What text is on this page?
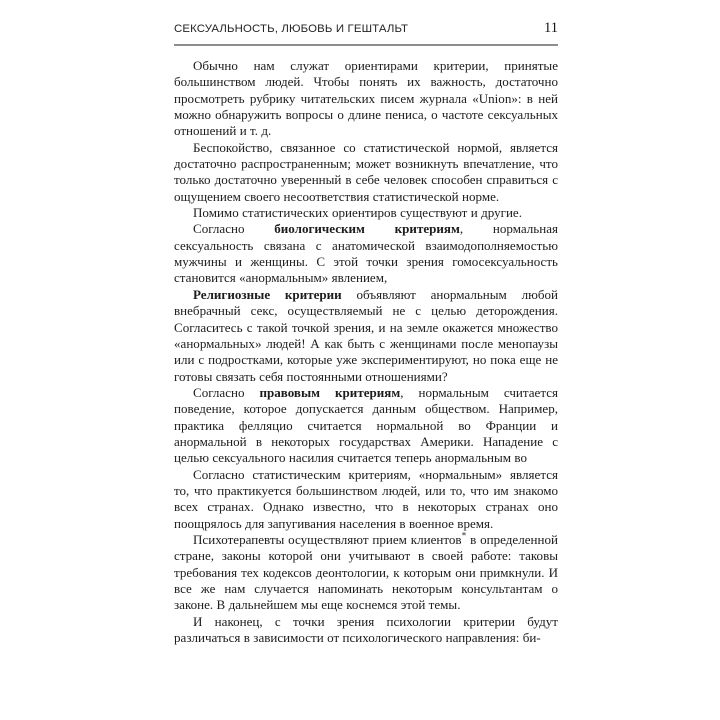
СЕКСУАЛЬНОСТЬ, ЛЮБОВЬ И ГЕШТАЛЬТ	11

Обычно нам служат ориентирами критерии, принятые большинством людей. Чтобы понять их важность, достаточно просмотреть рубрику читательских писем журнала «Union»: в ней можно обнаружить вопросы о длине пениса, о частоте сексуальных отношений и т. д.

Беспокойство, связанное со статистической нормой, является достаточно распространенным; может возникнуть впечатление, что только достаточно уверенный в себе человек способен справиться с ощущением своего несоответствия статистической норме.

Помимо статистических ориентиров существуют и другие.

Согласно биологическим критериям, нормальная сексуальность связана с анатомической взаимодополняемостью мужчины и женщины. С этой точки зрения гомосексуальность становится «анормальным» явлением,

Религиозные критерии объявляют анормальным любой внебрачный секс, осуществляемый не с целью деторождения. Согласитесь с такой точкой зрения, и на земле окажется множество «анормальных» людей! А как быть с женщинами после менопаузы или с подростками, которые уже экспериментируют, но пока еще не готовы связать себя постоянными отношениями?

Согласно правовым критериям, нормальным считается поведение, которое допускается данным обществом. Например, практика фелляцио считается нормальной во Франции и анормальной в некоторых государствах Америки. Нападение с целью сексуального насилия считается теперь анормальным во

Согласно статистическим критериям, «нормальным» является то, что практикуется большинством людей, или то, что им знакомо всех странах. Однако известно, что в некоторых странах оно поощрялось для запугивания населения в военное время.

Психотерапевты осуществляют прием клиентов* в определенной стране, законы которой они учитывают в своей работе: таковы требования тех кодексов деонтологии, к которым они примкнули. И все же нам случается напоминать некоторым консультантам о законе. В дальнейшем мы еще коснемся этой темы.

И наконец, с точки зрения психологии критерии будут различаться в зависимости от психологического направления: би-
